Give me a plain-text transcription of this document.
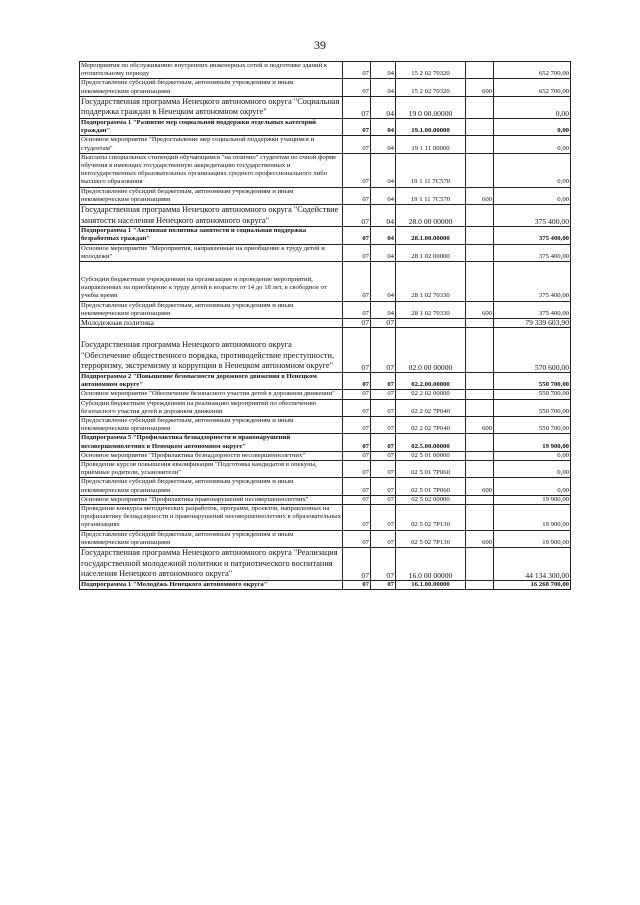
39
Мероприятия по обслуживанию внутренних инженерных сетей и подготовке зданий к отопительному периоду	07	04	15 2 02 70320		652 700,00
Предоставление субсидий бюджетным, автономным учреждениям и иным некоммерческим организациям	07	04	15 2 02 70320	600	652 700,00
Государственная программа Ненецкого автономного округа "Социальная поддержка граждан в Ненецком автономном округе"	07	04	19 0 00.00000		0,00
Подпрограмма 1 "Развитие мер социальной поддержки отдельных категорий граждан"	07	04	19.1.00.00000		0,00
Основное мероприятие "Предоставление мер социальной поддержки учащимся и студентам"	07	04	19 1 11 00000		0,00
Выплаты специальных стипендий обучающимся "на отлично" студентам по очной форме обучения в имеющих государственную аккредитацию государственных и негосударственных образовательных организациях среднего профессионального либо высшего образования	07	04	19 1 11 7С570		0,00
Предоставление субсидий бюджетным, автономным учреждениям и иным некоммерческим организациям	07	04	19 1 11 7С570	600	0,00
Государственная программа Ненецкого автономного округа "Содействие занятости населения Ненецкого автономного округа"	07	04	28.0 00 00000		375 400,00
Подпрограмма 1 "Активная политика занятости и социальная поддержка безработных граждан"	07	04	28.1.00.00000		375 400,00
Основное мероприятие "Мероприятия, направленные на приобщение к труду детей и молодежи"	07	04	28 1 02 00000		375 400,00
Субсидии бюджетным учреждениям на организацию и проведение мероприятий, направленных на приобщение к труду детей в возрасте от 14 до 18 лет, в свободное от учебы время	07	04	28 1 02 70330		375 400,00
Предоставление субсидий бюджетным, автономным учреждениям и иным некоммерческим организациям	07	04	28 1 02 70330	600	375 400,00
Молодежная политика	07	07			79 339 603,90
Государственная программа Ненецкого автономного округа "Обеспечение общественного порядка, противодействие преступности, терроризму, экстремизму и коррупции в Ненецком автономном округе"	07	07	02.0 00 00000		570 600,00
Подпрограмма 2 "Повышение безопасности дорожного движения в Ненецком автономном округе"	07	07	02.2.00.00000		550 700,00
Основное мероприятие "Обеспечение безопасного участия детей в дорожном движении"	07	07	02 2 02 00000		550 700,00
Субсидии бюджетным учреждениям на реализацию мероприятий по обеспечению безопасного участия детей в дорожном движении	07	07	02 2 02 7Р040		550 700,00
Предоставление субсидий бюджетным, автономным учреждениям и иным некоммерческим организациям	07	07	02 2 02 7Р040	600	550 700,00
Подпрограмма 5 "Профилактика безнадзорности и правонарушений несовершеннолетних в Ненецком автономном округе"	07	07	02.5.00.00000		19 900,00
Основное мероприятие "Профилактика безнадзорности несовершеннолетних"	07	07	02 5 01 00000		0,00
Проведение курсов повышения квалификации "Подготовка кандидатов в опекуны, приёмные родители, усыновители"	07	07	02 5 01 7Р060		0,00
Предоставление субсидий бюджетным, автономным учреждениям и иным некоммерческим организациям	07	07	02 5 01 7Р060	600	0,00
Основное мероприятие "Профилактика правонарушений несовершеннолетних"	07	07	02 5 02 00000		19 900,00
Проведение конкурса методических разработок, программ, проектов, направленных на профилактику безнадзорности и правонарушений несовершеннолетних в образовательных организациях	07	07	02 5 02 7Р130		19 900,00
Предоставление субсидий бюджетным, автономным учреждениям и иным некоммерческим организациям	07	07	02 5 02 7Р130	600	19 900,00
Государственная программа Ненецкого автономного округа "Реализация государственной молодежной политики и патриотического воспитания населения Ненецкого автономного округа"	07	07	16.0 00 00000		44 134 300,00
Подпрограмма 1 "Молодёжь Ненецкого автономного округа"	07	07	16.1.00.00000		16 268 700,00
